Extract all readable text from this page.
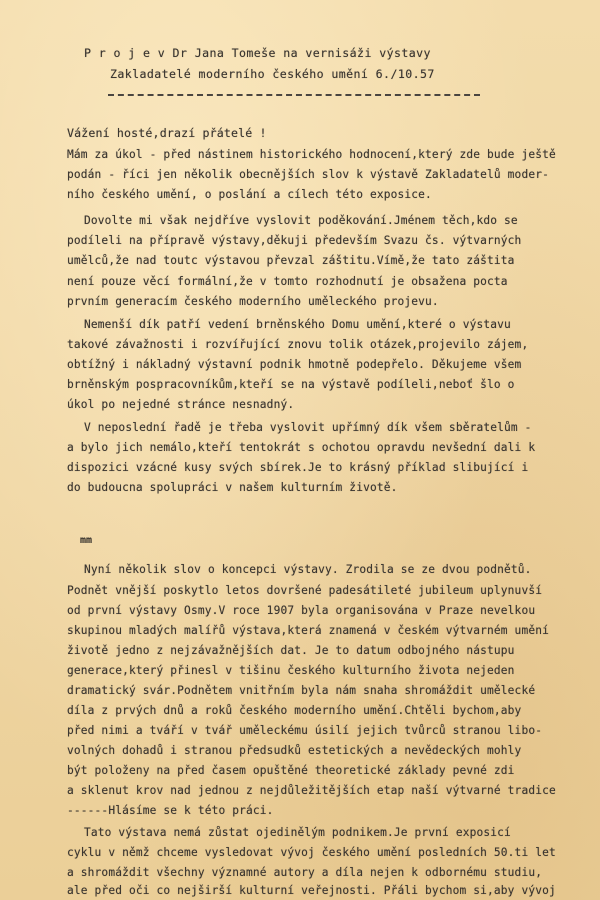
P r o j e v Dr Jana Tomeše na vernisáži výstavy

Zakladatelé moderního českého umění 6./10.57

Vážení hosté,drazí přátelé !

Mám za úkol - před nástinem historického hodnocení,který zde bude ještě

podán - říci jen několik obecnějších slov k výstavě Zakladatelů moder-

ního českého umění, o poslání a cílech této exposice.

Dovolte mi však nejdříve vyslovit poděkování.Jménem těch,kdo se

podíleli na přípravě výstavy,děkuji především Svazu čs. výtvarných

umělců,že nad toutc výstavou převzal záštitu.Vímě,že tato záštita

není pouze věcí formální,že v tomto rozhodnutí je obsažena pocta

prvním generacím českého moderního uměleckého projevu.

Nemenší dík patří vedení brněnského Domu umění,které o výstavu

takové závažnosti i rozvířující znovu tolik otázek,projevilo zájem,

obtížný i nákladný výstavní podnik hmotně podepřelo. Děkujeme všem

brněnským pospracovníkům,kteří se na výstavě podíleli,neboť šlo o

úkol po nejedné stránce nesnadný.

V neposlední řadě je třeba vyslovit upřímný dík všem sběratelům -

a bylo jich nemálo,kteří tentokrát s ochotou opravdu nevšední dali k

dispozici vzácné kusy svých sbírek.Je to krásný příklad slibující i

do budoucna spolupráci v našem kulturním životě.

mm

Nyní několik slov o koncepci výstavy. Zrodila se ze dvou podnětů.

Podnět vnější poskytlo letos dovršené padesátileté jubileum uplynuvší

od první výstavy Osmy.V roce 1907 byla organisována v Praze nevelkou

skupinou mladých malířů výstava,která znamená v českém výtvarném umění

životě jedno z nejzávažnějších dat. Je to datum odbojného nástupu

generace,který přinesl v tišinu českého kulturního života nejeden

dramatický svár.Podnětem vnitřním byla nám snaha shromáždit umělecké

díla z prvých dnů a roků českého moderního umění.Chtěli bychom,aby

před nimi a tváří v tvář uměleckému úsilí jejich tvůrců stranou libo-

volných dohadů i stranou předsudků estetických a nevědeckých mohly

být položeny na před časem opuštěné theoretické základy pevné zdi

a sklenut krov nad jednou z nejdůležitějších etap naší výtvarné tradice

------Hlásíme se k této práci.

Tato výstava nemá zůstat ojedinělým podnikem.Je první exposicí

cyklu v němž chceme vysledovat vývoj českého umění posledních 50.ti let

a shromáždit všechny významné autory a díla nejen k odbornému studiu,

ale před oči co nejširší kulturní veřejnosti. Přáli bychom si,aby vývoj
